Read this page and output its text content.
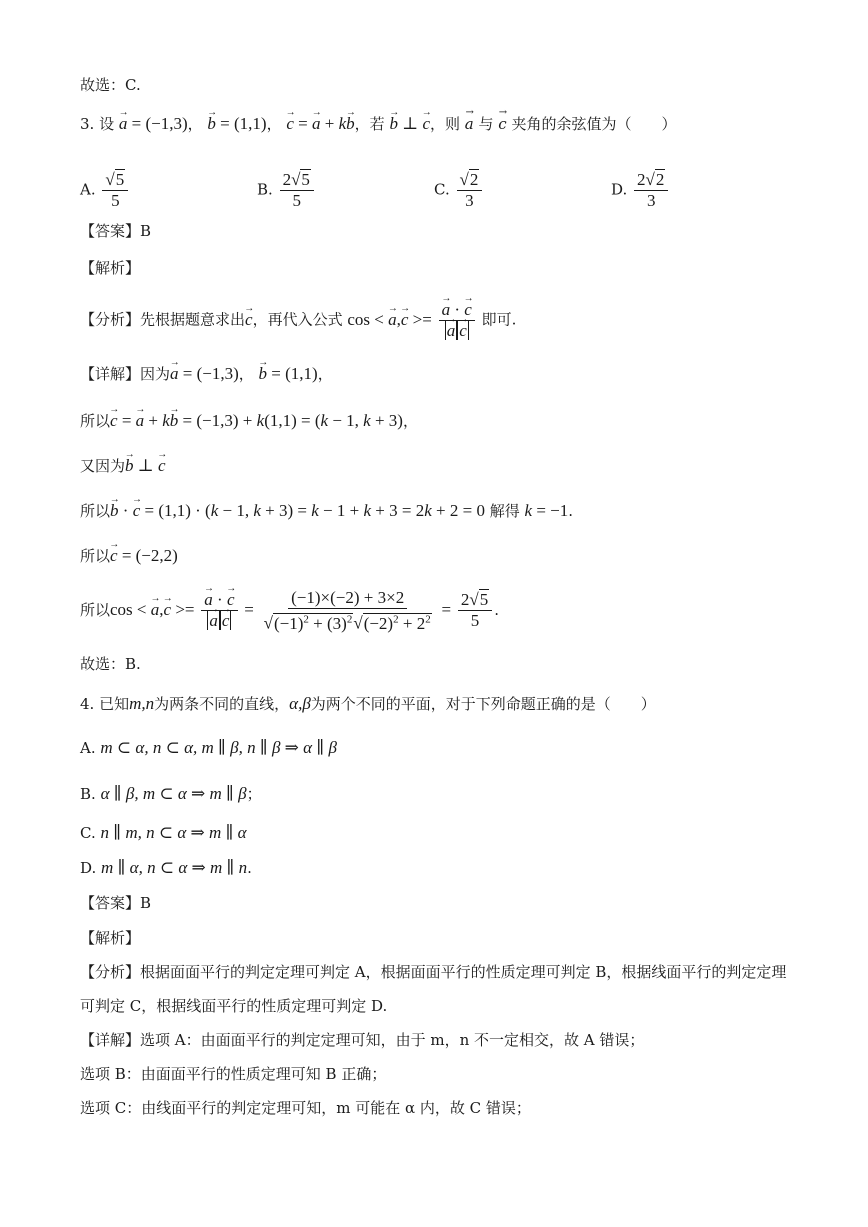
故选：C.
3. 设 → a = (−1,3)， → b = (1,1)， → c = → a + k→ b，若 → b ⊥ → c，则 → a 与 → c 夹角的余弦值为（　　）
A. $\frac{√5}{5}$	B. $\frac{2√5}{5}$	C. $\frac{√2}{3}$	D. $\frac{2√2}{3}$
【答案】B
【解析】
【分析】先根据题意求出→ c，再代入公式 cos < → a,→ c >= → a · → c
→ a → c 即可.
【详解】因为→ a = (−1,3)， → b = (1,1)，
所以→ c = → a + k→ b = (−1,3) + k(1,1) = (k − 1, k + 3)，
又因为→ b ⊥ → c
所以→ b · → c = (1,1) · (k − 1, k + 3) = k − 1 + k + 3 = 2k + 2 = 0 解得 k = −1.
所以→ c = (−2,2)
所以cos < → a,→ c >= → a · → c
→ $a \to c = \frac{(-1)\times(-2) + 3\times 2}{√(-1)^2 + (3)^2√(-2)^2 + 2^2} = \frac{2√5}{5}$ .
故选：B.
4. 已知m,n为两条不同的直线，α,β为两个不同的平面，对于下列命题正确的是（　　）
A. m ⊂ α, n ⊂ α, m ∥ β, n ∥ β ⇒ α ∥ β
B. α ∥ β, m ⊂ α ⇒ m ∥ β；
C. n ∥ m, n ⊂ α ⇒ m ∥ α
D. m ∥ α, n ⊂ α ⇒ m ∥ n.
【答案】B
【解析】
【分析】根据面面平行的判定定理可判定 A，根据面面平行的性质定理可判定 B，根据线面平行的判定定理
可判定 C，根据线面平行的性质定理可判定 D.
【详解】选项 A：由面面平行的判定定理可知，由于 m，n 不一定相交，故 A 错误；
选项 B：由面面平行的性质定理可知 B 正确；
选项 C：由线面平行的判定定理可知，m 可能在 α 内，故 C 错误；
